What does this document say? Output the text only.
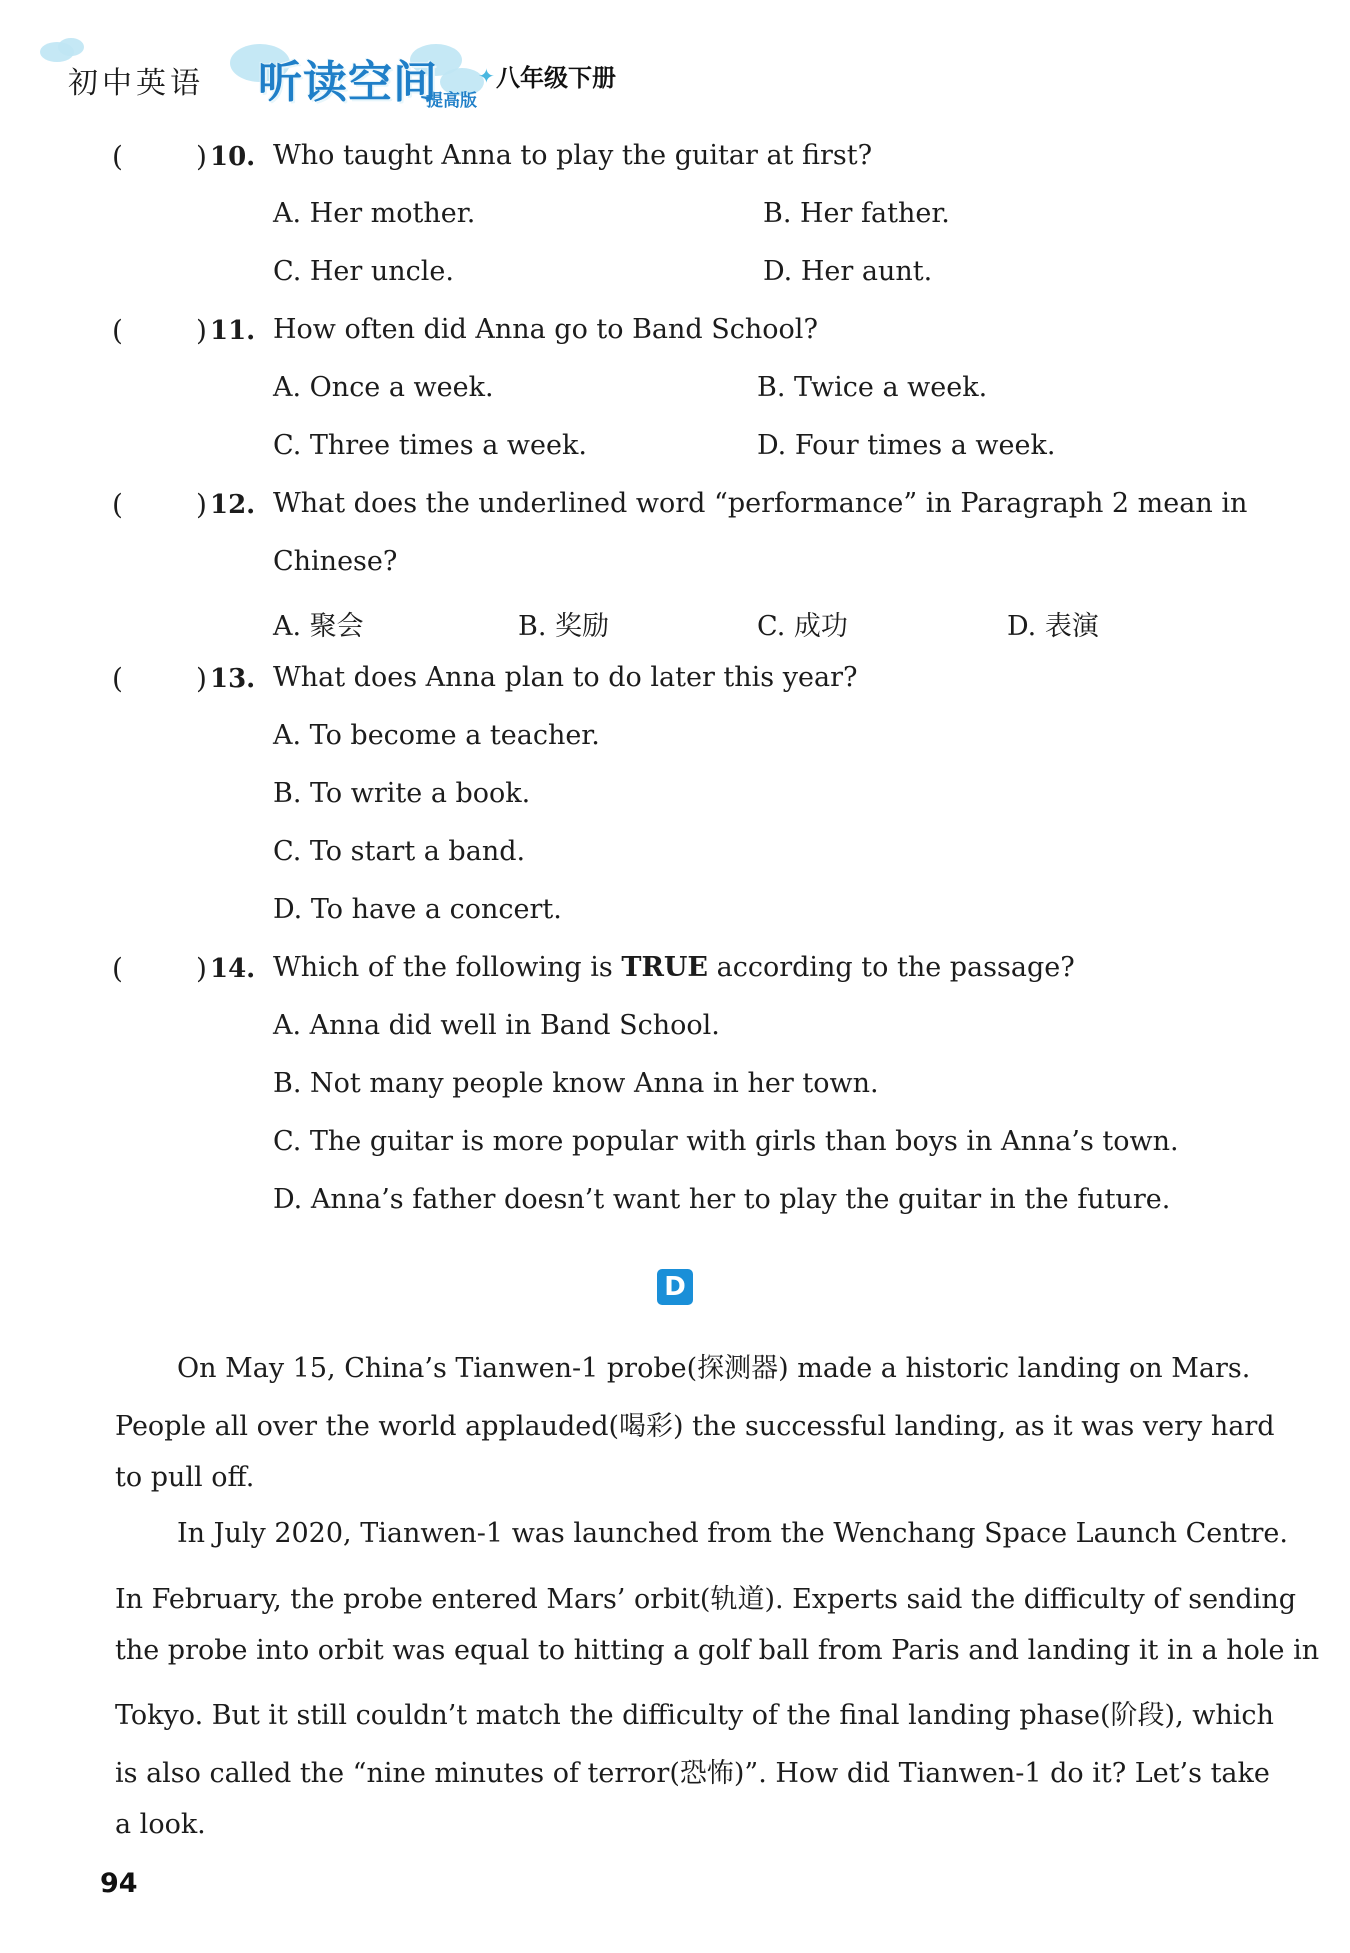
初中英语 听读空间
提高版
✦ 八年级下册
(	) 10. Who taught Anna to play the guitar at first?
A. Her mother.	B. Her father.
C. Her uncle.	D. Her aunt.
(	) 11. How often did Anna go to Band School?
A. Once a week.	B. Twice a week.
C. Three times a week.	D. Four times a week.
(	) 12. What does the underlined word “performance” in Paragraph 2 mean in
Chinese?
A. 聚会	B. 奖励	C. 成功	D. 表演
(	) 13. What does Anna plan to do later this year?
A. To become a teacher.
B. To write a book.
C. To start a band.
D. To have a concert.
(	) 14. Which of the following is TRUE according to the passage?
A. Anna did well in Band School.
B. Not many people know Anna in her town.
C. The guitar is more popular with girls than boys in Anna’s town.
D. Anna’s father doesn’t want her to play the guitar in the future.
D
On May 15, China’s Tianwen-1 probe(探测器) made a historic landing on Mars.
People all over the world applauded(喝彩) the successful landing, as it was very hard
to pull off.
In July 2020, Tianwen-1 was launched from the Wenchang Space Launch Centre.
In February, the probe entered Mars’ orbit(轨道). Experts said the difficulty of sending
the probe into orbit was equal to hitting a golf ball from Paris and landing it in a hole in
Tokyo. But it still couldn’t match the difficulty of the final landing phase(阶段), which
is also called the “nine minutes of terror(恐怖)”. How did Tianwen-1 do it? Let’s take
a look.
94
